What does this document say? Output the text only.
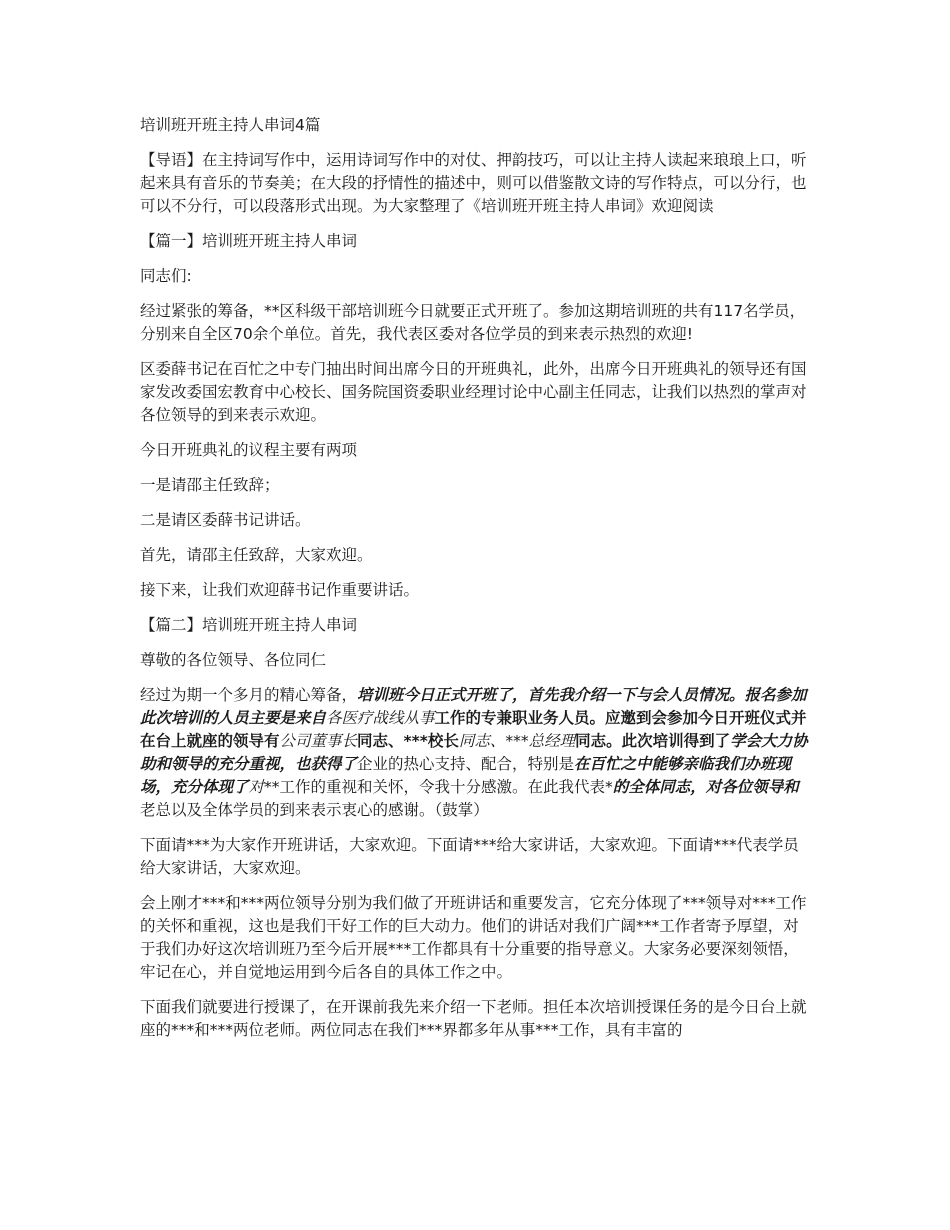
培训班开班主持人串词4篇
【导语】在主持词写作中，运用诗词写作中的对仗、押韵技巧，可以让主持人读起来琅琅上口，听起来具有音乐的节奏美；在大段的抒情性的描述中，则可以借鉴散文诗的写作特点，可以分行，也可以不分行，可以段落形式出现。为大家整理了《培训班开班主持人串词》欢迎阅读
【篇一】培训班开班主持人串词
同志们:
经过紧张的筹备，**区科级干部培训班今日就要正式开班了。参加这期培训班的共有117名学员，分别来自全区70余个单位。首先，我代表区委对各位学员的到来表示热烈的欢迎!
区委薛书记在百忙之中专门抽出时间出席今日的开班典礼，此外，出席今日开班典礼的领导还有国家发改委国宏教育中心校长、国务院国资委职业经理讨论中心副主任同志，让我们以热烈的掌声对各位领导的到来表示欢迎。
今日开班典礼的议程主要有两项
一是请邵主任致辞；
二是请区委薛书记讲话。
首先，请邵主任致辞，大家欢迎。
接下来，让我们欢迎薛书记作重要讲话。
【篇二】培训班开班主持人串词
尊敬的各位领导、各位同仁
经过为期一个多月的精心筹备，培训班今日正式开班了，首先我介绍一下与会人员情况。报名参加此次培训的人员主要是来自各医疗战线从事工作的专兼职业务人员。应邀到会参加今日开班仪式并在台上就座的领导有公司董事长同志、***校长同志、***总经理同志。此次培训得到了学会大力协助和领导的充分重视，也获得了企业的热心支持、配合，特别是在百忙之中能够亲临我们办班现场，充分体现了对**工作的重视和关怀，令我十分感激。在此我代表*的全体同志，对各位领导和老总以及全体学员的到来表示衷心的感谢。（鼓掌）
下面请***为大家作开班讲话，大家欢迎。下面请***给大家讲话，大家欢迎。下面请***代表学员给大家讲话，大家欢迎。
会上刚才***和***两位领导分别为我们做了开班讲话和重要发言，它充分体现了***领导对***工作的关怀和重视，这也是我们干好工作的巨大动力。他们的讲话对我们广阔***工作者寄予厚望，对于我们办好这次培训班乃至今后开展***工作都具有十分重要的指导意义。大家务必要深刻领悟，牢记在心，并自觉地运用到今后各自的具体工作之中。
下面我们就要进行授课了，在开课前我先来介绍一下老师。担任本次培训授课任务的是今日台上就座的***和***两位老师。两位同志在我们***界都多年从事***工作，具有丰富的
